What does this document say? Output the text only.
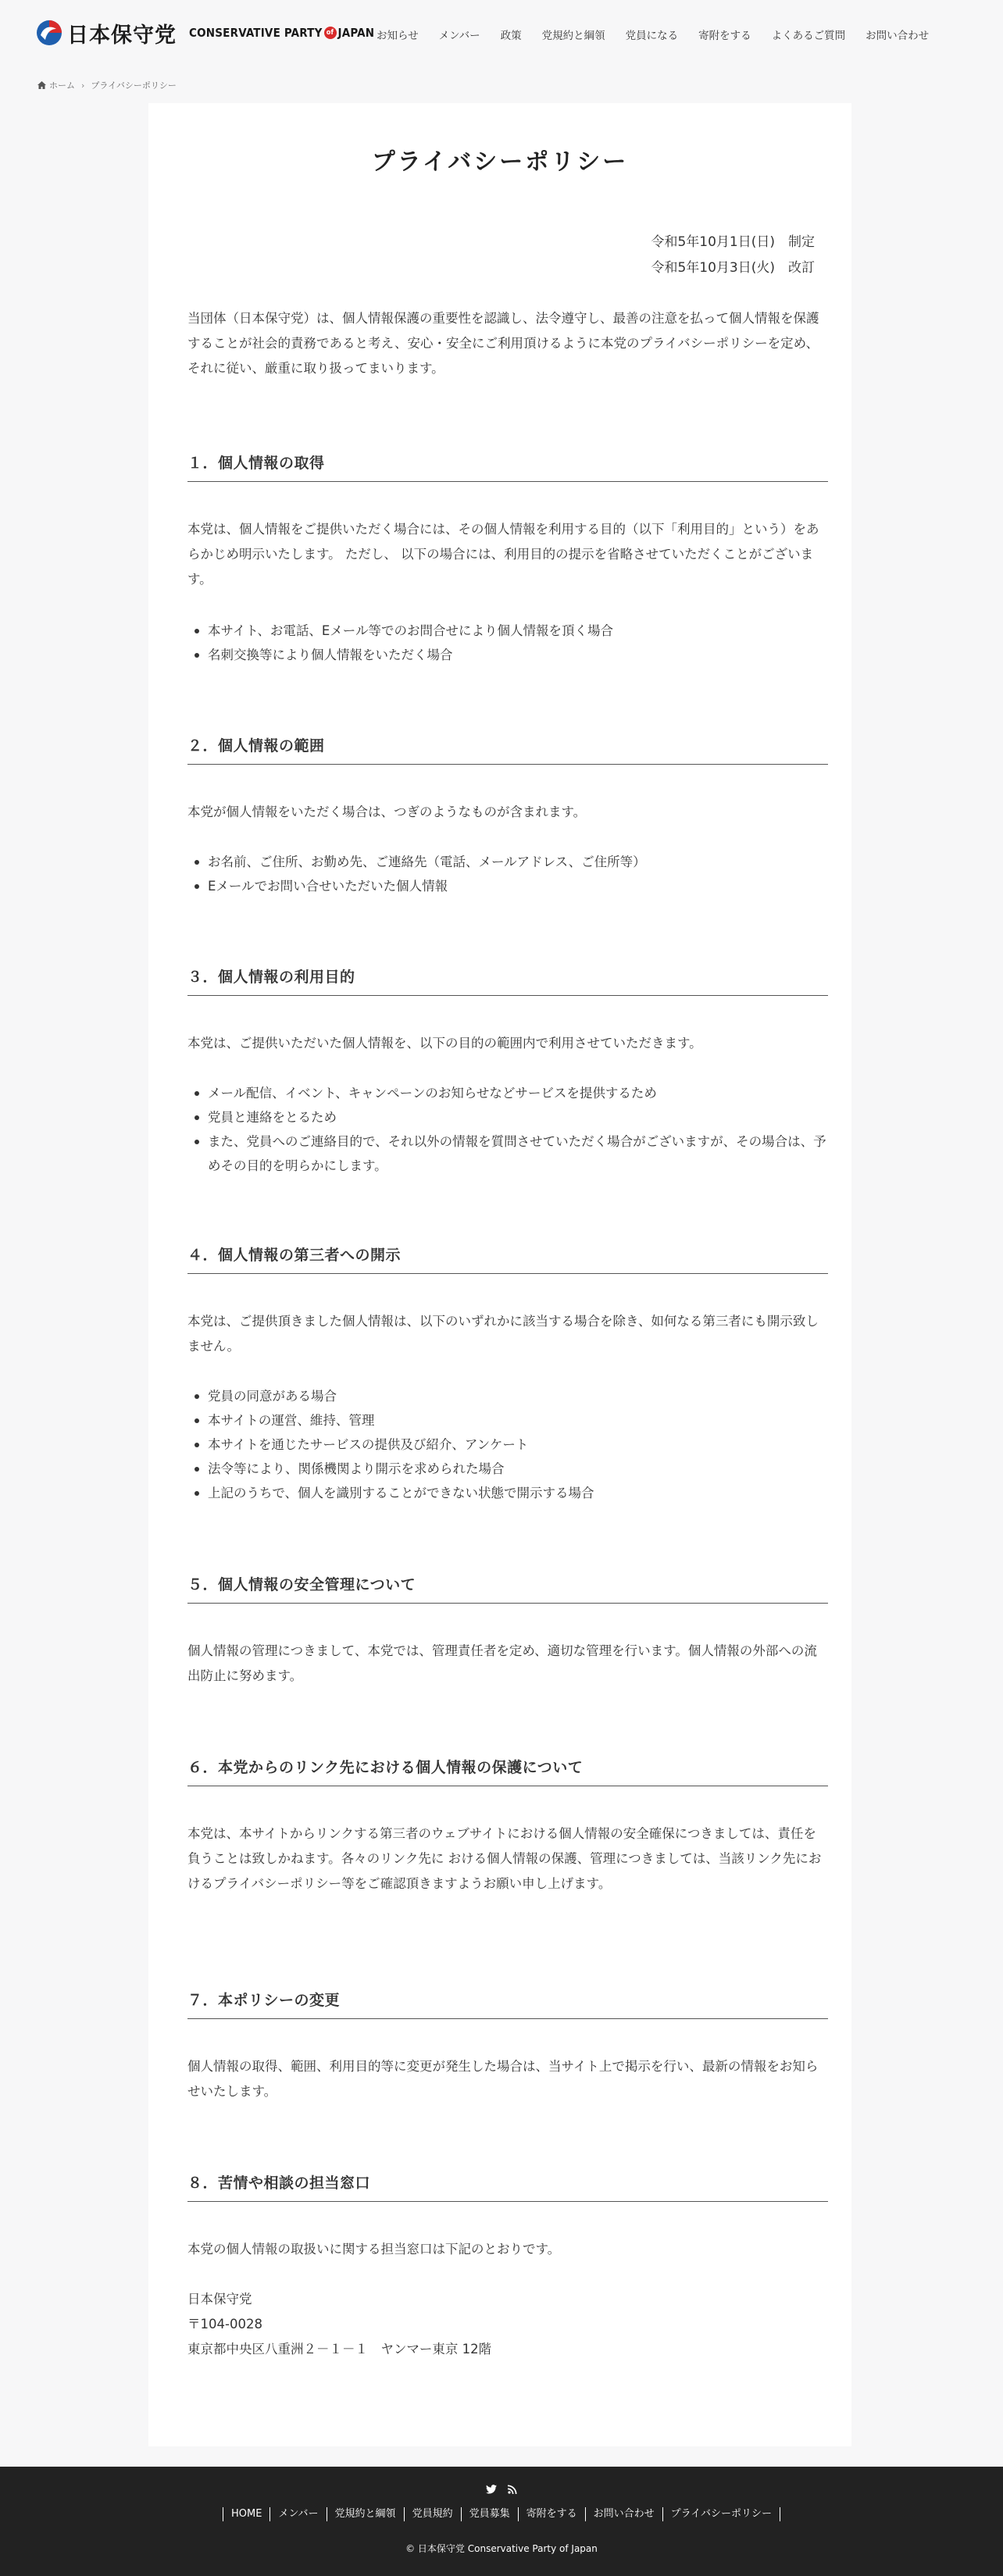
日本保守党 CONSERVATIVE PARTY of JAPAN お知らせ メンバー 政策 党規約と綱領 党員になる 寄附をする よくあるご質問 お問い合わせ
ホーム › プライバシーポリシー
プライバシーポリシー
令和5年10月1日(日)　制定
令和5年10月3日(火)　改訂

当団体（日本保守党）は、個人情報保護の重要性を認識し、法令遵守し、最善の注意を払って個人情報を保護することが社会的責務であると考え、安心・安全にご利用頂けるように本党のプライバシーポリシーを定め、それに従い、厳重に取り扱ってまいります。

１．個人情報の取得

本党は、個人情報をご提供いただく場合には、その個人情報を利用する目的（以下「利用目的」という）をあらかじめ明示いたします。 ただし、 以下の場合には、利用目的の提示を省略させていただくことがございます。

本サイト、お電話、Eメール等でのお問合せにより個人情報を頂く場合
名刺交換等により個人情報をいただく場合
２．個人情報の範囲

本党が個人情報をいただく場合は、つぎのようなものが含まれます。

お名前、ご住所、お勤め先、ご連絡先（電話、メールアドレス、ご住所等）
Eメールでお問い合せいただいた個人情報
３．個人情報の利用目的

本党は、ご提供いただいた個人情報を、以下の目的の範囲内で利用させていただきます。

メール配信、イベント、キャンペーンのお知らせなどサービスを提供するため
党員と連絡をとるため
また、党員へのご連絡目的で、それ以外の情報を質問させていただく場合がございますが、その場合は、予めその目的を明らかにします。
４．個人情報の第三者への開示

本党は、ご提供頂きました個人情報は、以下のいずれかに該当する場合を除き、如何なる第三者にも開示致しません。

党員の同意がある場合
本サイトの運営、維持、管理
本サイトを通じたサービスの提供及び紹介、アンケート
法令等により、関係機関より開示を求められた場合
上記のうちで、個人を識別することができない状態で開示する場合
５．個人情報の安全管理について

個人情報の管理につきまして、本党では、管理責任者を定め、適切な管理を行います。個人情報の外部への流出防止に努めます。

６．本党からのリンク先における個人情報の保護について

本党は、本サイトからリンクする第三者のウェブサイトにおける個人情報の安全確保につきましては、責任を負うことは致しかねます。各々のリンク先に おける個人情報の保護、管理につきましては、当該リンク先におけるプライバシーポリシー等をご確認頂きますようお願い申し上げます。

７．本ポリシーの変更

個人情報の取得、範囲、利用目的等に変更が発生した場合は、当サイト上で掲示を行い、最新の情報をお知らせいたします。

８．苦情や相談の担当窓口

本党の個人情報の取扱いに関する担当窓口は下記のとおりです。

日本保守党
〒104-0028
東京都中央区八重洲２－１－１　ヤンマー東京 12階
HOME	メンバー	党規約と綱領	党員規約	党員募集	寄附をする	お問い合わせ	プライバシーポリシー
© 日本保守党 Conservative Party of Japan
